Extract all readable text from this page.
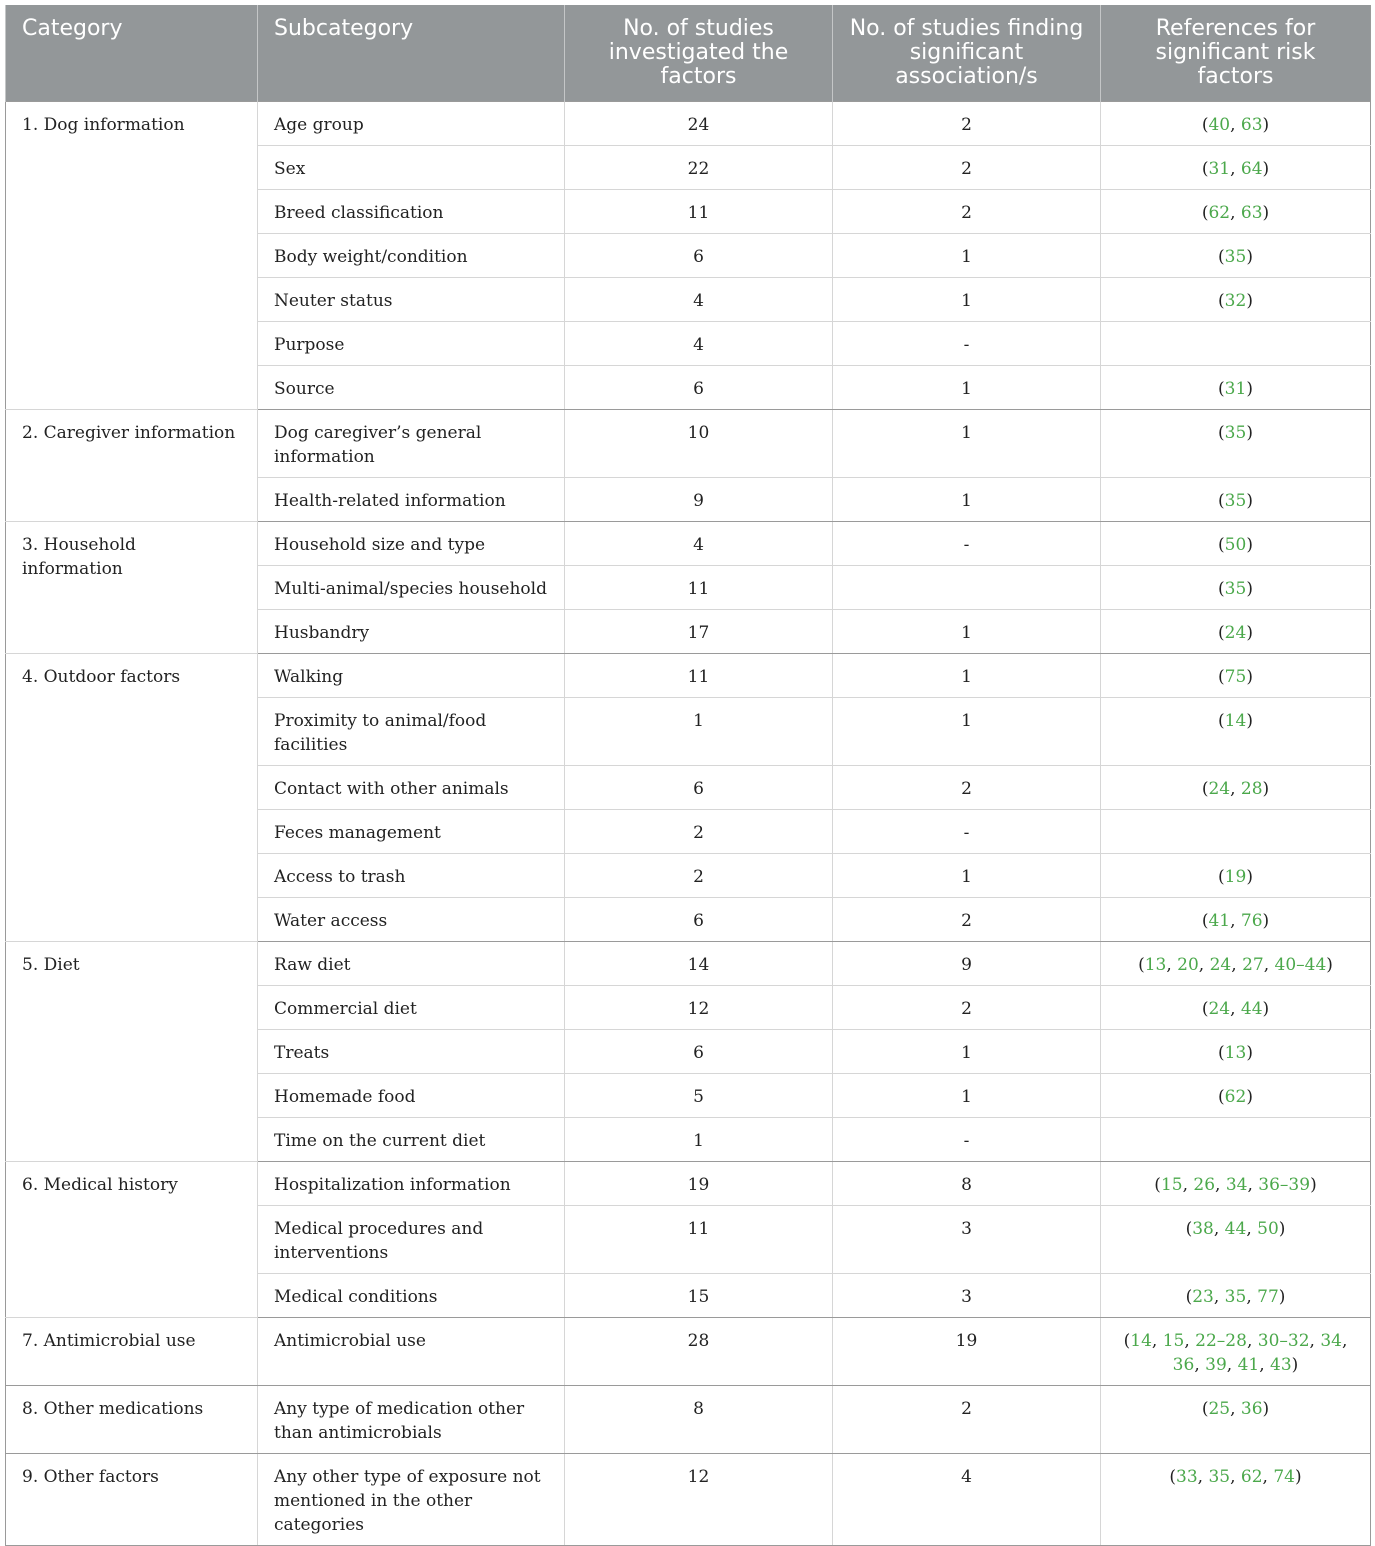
Category	Subcategory	No. of studies investigated the factors	No. of studies finding significant association/s	References for significant risk factors
1. Dog information	Age group	24	2	(40, 63)
	Sex	22	2	(31, 64)
	Breed classification	11	2	(62, 63)
	Body weight/condition	6	1	(35)
	Neuter status	4	1	(32)
	Purpose	4	-	
	Source	6	1	(31)
2. Caregiver information	Dog caregiver’s general information	10	1	(35)
	Health-related information	9	1	(35)
3. Household information	Household size and type	4	-	(50)
	Multi-animal/species household	11		(35)
	Husbandry	17	1	(24)
4. Outdoor factors	Walking	11	1	(75)
	Proximity to animal/food facilities	1	1	(14)
	Contact with other animals	6	2	(24, 28)
	Feces management	2	-	
	Access to trash	2	1	(19)
	Water access	6	2	(41, 76)
5. Diet	Raw diet	14	9	(13, 20, 24, 27, 40–44)
	Commercial diet	12	2	(24, 44)
	Treats	6	1	(13)
	Homemade food	5	1	(62)
	Time on the current diet	1	-	
6. Medical history	Hospitalization information	19	8	(15, 26, 34, 36–39)
	Medical procedures and interventions	11	3	(38, 44, 50)
	Medical conditions	15	3	(23, 35, 77)
7. Antimicrobial use	Antimicrobial use	28	19	(14, 15, 22–28, 30–32, 34, 36, 39, 41, 43)
8. Other medications	Any type of medication other than antimicrobials	8	2	(25, 36)
9. Other factors	Any other type of exposure not mentioned in the other categories	12	4	(33, 35, 62, 74)
